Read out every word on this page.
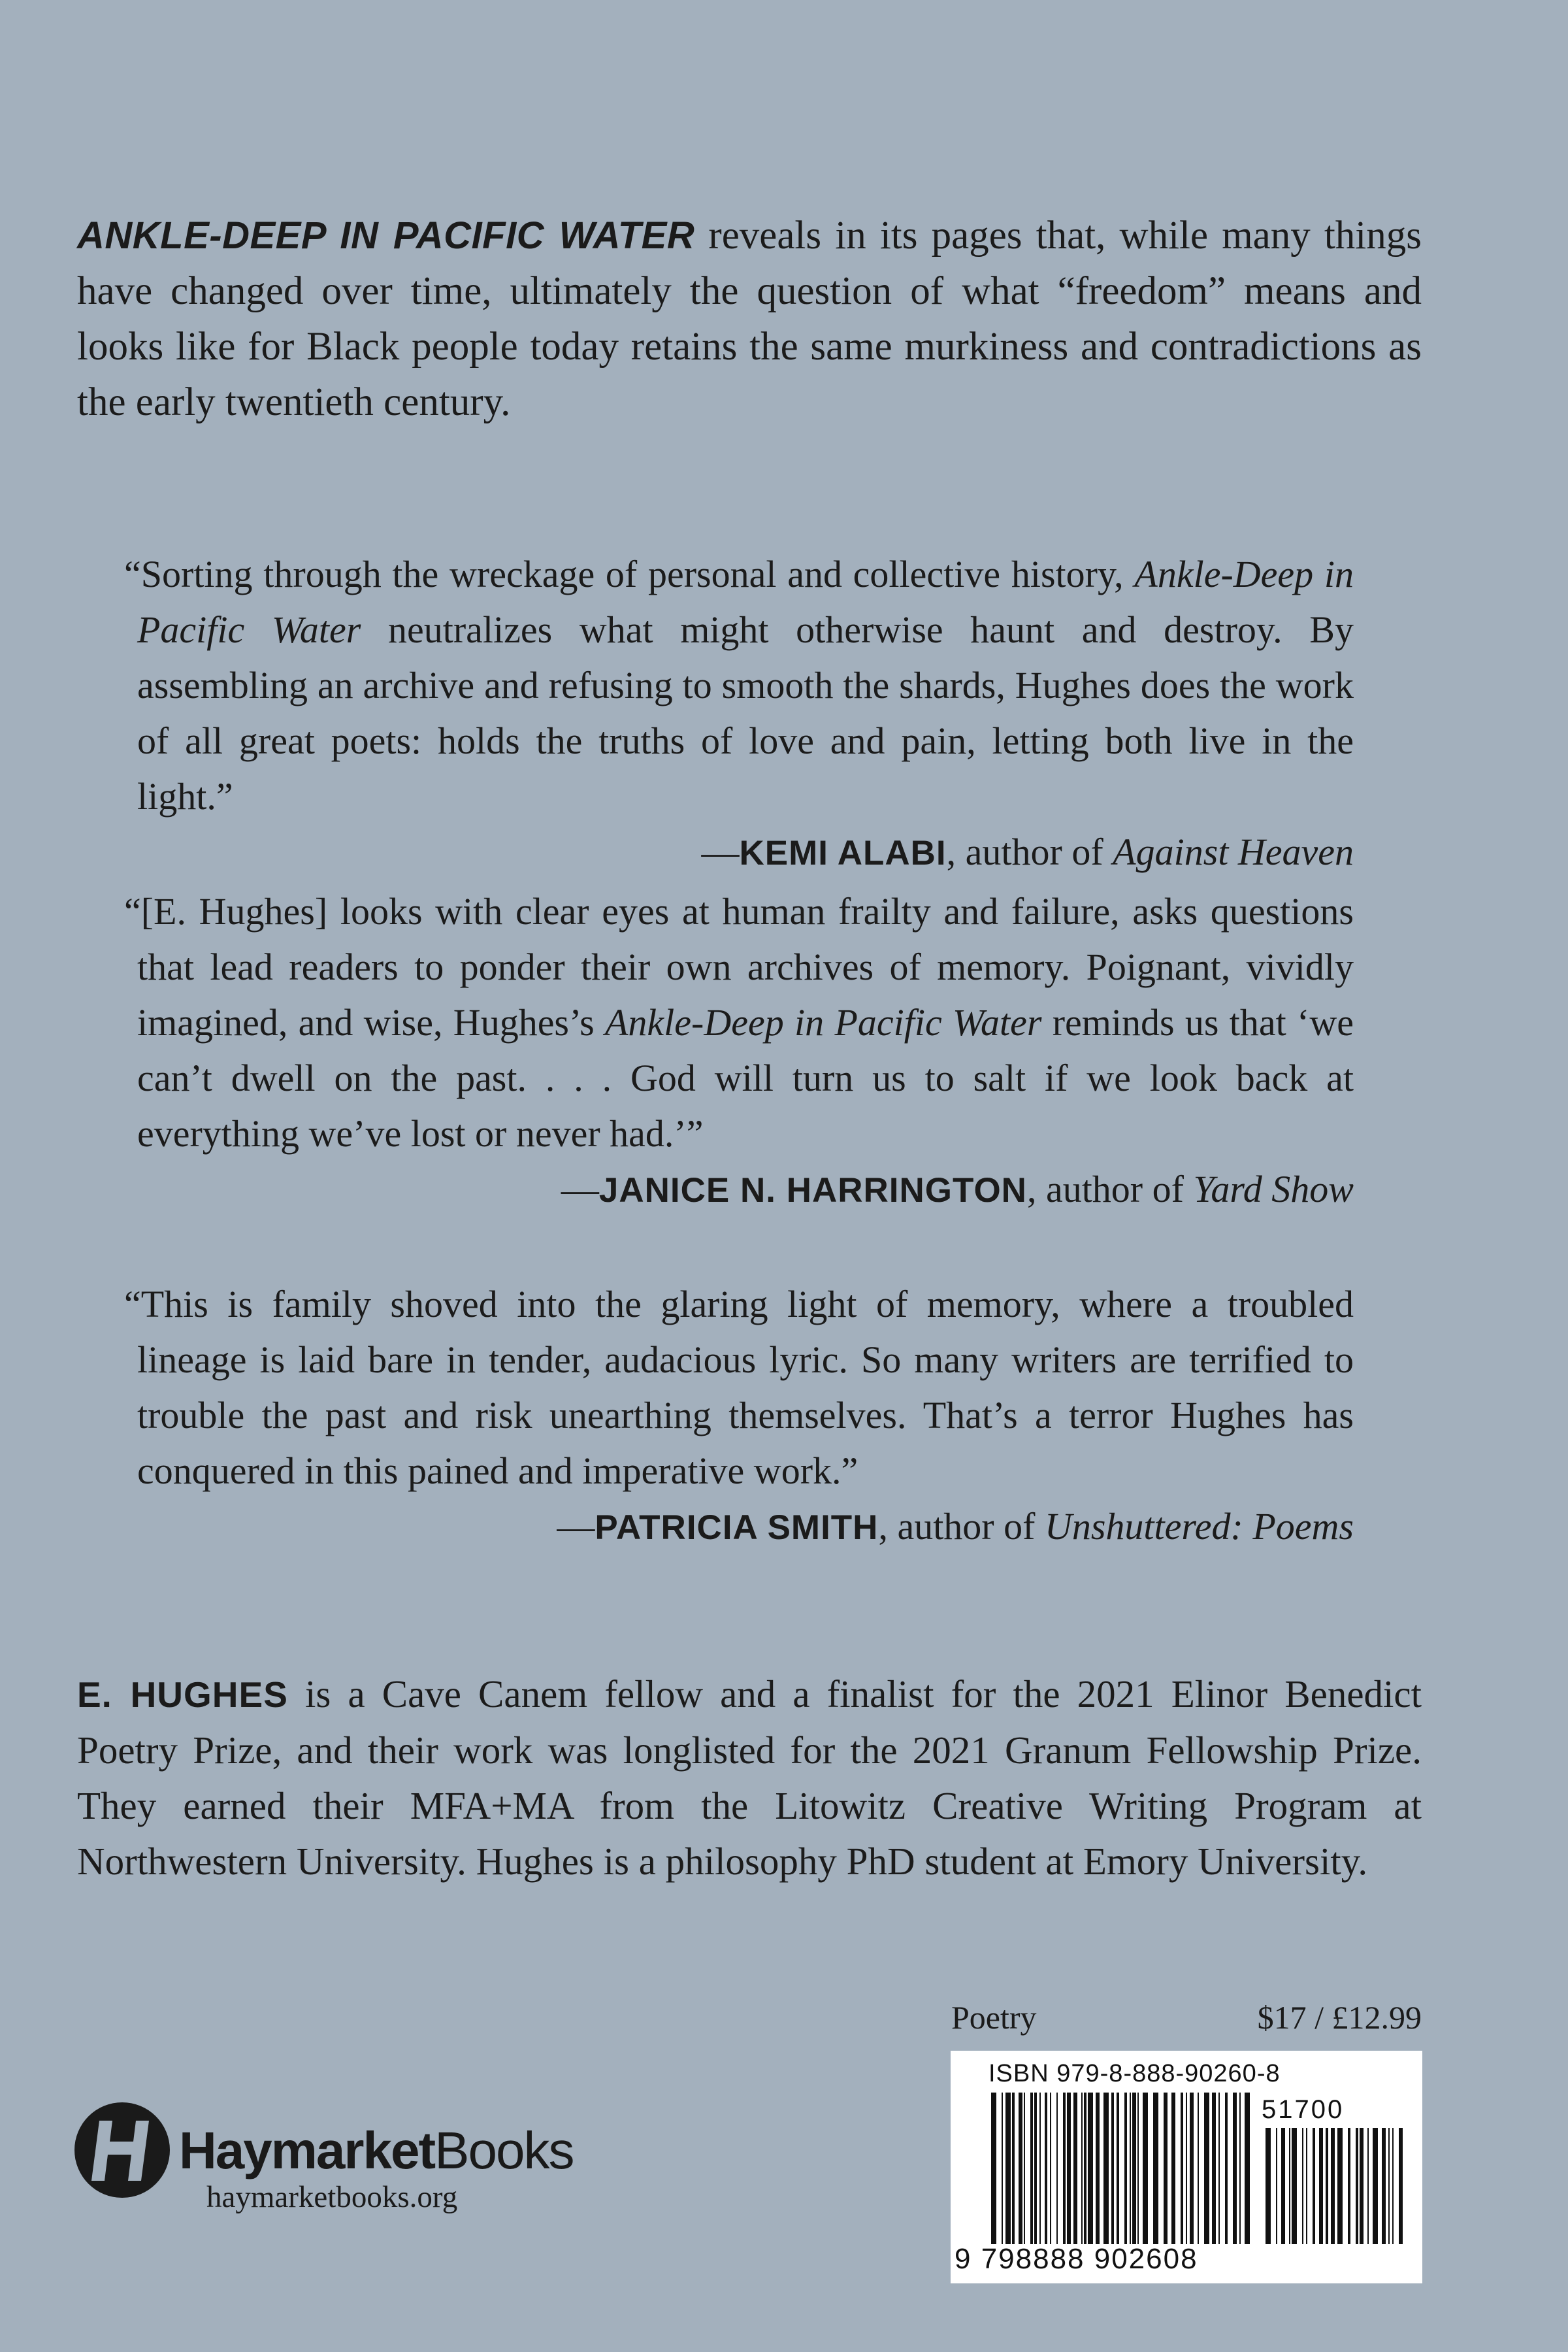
ANKLE-DEEP IN PACIFIC WATER reveals in its pages that, while many things have changed over time, ultimately the question of what “freedom” means and looks like for Black people today retains the same murkiness and contradictions as the early twentieth century.

“Sorting through the wreckage of personal and collective history, Ankle-Deep in Pacific Water neutralizes what might otherwise haunt and destroy. By assembling an archive and refusing to smooth the shards, Hughes does the work of all great poets: holds the truths of love and pain, letting both live in the light.”

—KEMI ALABI, author of Against Heaven

“[E. Hughes] looks with clear eyes at human frailty and failure, asks questions that lead readers to ponder their own archives of memory. Poignant, vividly imagined, and wise, Hughes’s Ankle-Deep in Pacific Water reminds us that ‘we can’t dwell on the past. . . . God will turn us to salt if we look back at everything we’ve lost or never had.’”

—JANICE N. HARRINGTON, author of Yard Show

“This is family shoved into the glaring light of memory, where a troubled lineage is laid bare in tender, audacious lyric. So many writers are terrified to trouble the past and risk unearthing themselves. That’s a terror Hughes has conquered in this pained and imperative work.”

—PATRICIA SMITH, author of Unshuttered: Poems

E. HUGHES is a Cave Canem fellow and a finalist for the 2021 Elinor Benedict Poetry Prize, and their work was longlisted for the 2021 Granum Fellowship Prize. They earned their MFA+MA from the Litowitz Creative Writing Program at Northwestern University. Hughes is a philosophy PhD student at Emory University.

Poetry	$17 / £12.99
ISBN 979-8-888-90260-8
51700
9 798888 902608
HaymarketBooks
haymarketbooks.org
